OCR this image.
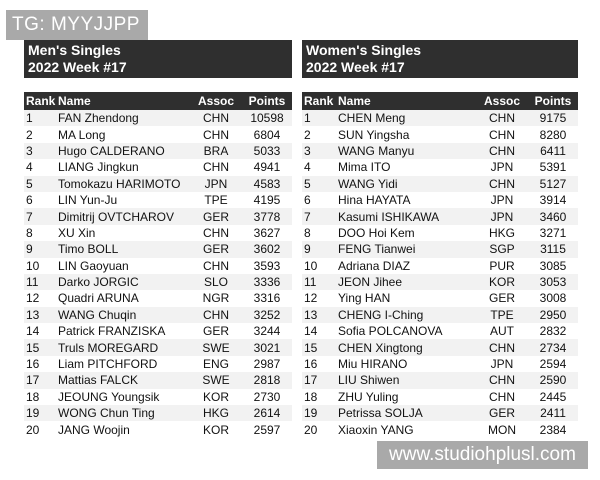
TG: MYYJJPP
Men's Singles
2022 Week #17
Rank	Name	Assoc	Points
1	FAN Zhendong	CHN	10598
2	MA Long	CHN	6804
3	Hugo CALDERANO	BRA	5033
4	LIANG Jingkun	CHN	4941
5	Tomokazu HARIMOTO	JPN	4583
6	LIN Yun-Ju	TPE	4195
7	Dimitrij OVTCHAROV	GER	3778
8	XU Xin	CHN	3627
9	Timo BOLL	GER	3602
10	LIN Gaoyuan	CHN	3593
11	Darko JORGIC	SLO	3336
12	Quadri ARUNA	NGR	3316
13	WANG Chuqin	CHN	3252
14	Patrick FRANZISKA	GER	3244
15	Truls MOREGARD	SWE	3021
16	Liam PITCHFORD	ENG	2987
17	Mattias FALCK	SWE	2818
18	JEOUNG Youngsik	KOR	2730
19	WONG Chun Ting	HKG	2614
20	JANG Woojin	KOR	2597
Women's Singles
2022 Week #17
Rank	Name	Assoc	Points
1	CHEN Meng	CHN	9175
2	SUN Yingsha	CHN	8280
3	WANG Manyu	CHN	6411
4	Mima ITO	JPN	5391
5	WANG Yidi	CHN	5127
6	Hina HAYATA	JPN	3914
7	Kasumi ISHIKAWA	JPN	3460
8	DOO Hoi Kem	HKG	3271
9	FENG Tianwei	SGP	3115
10	Adriana DIAZ	PUR	3085
11	JEON Jihee	KOR	3053
12	Ying HAN	GER	3008
13	CHENG I-Ching	TPE	2950
14	Sofia POLCANOVA	AUT	2832
15	CHEN Xingtong	CHN	2734
16	Miu HIRANO	JPN	2594
17	LIU Shiwen	CHN	2590
18	ZHU Yuling	CHN	2445
19	Petrissa SOLJA	GER	2411
20	Xiaoxin YANG	MON	2384
www.studiohplusl.com
